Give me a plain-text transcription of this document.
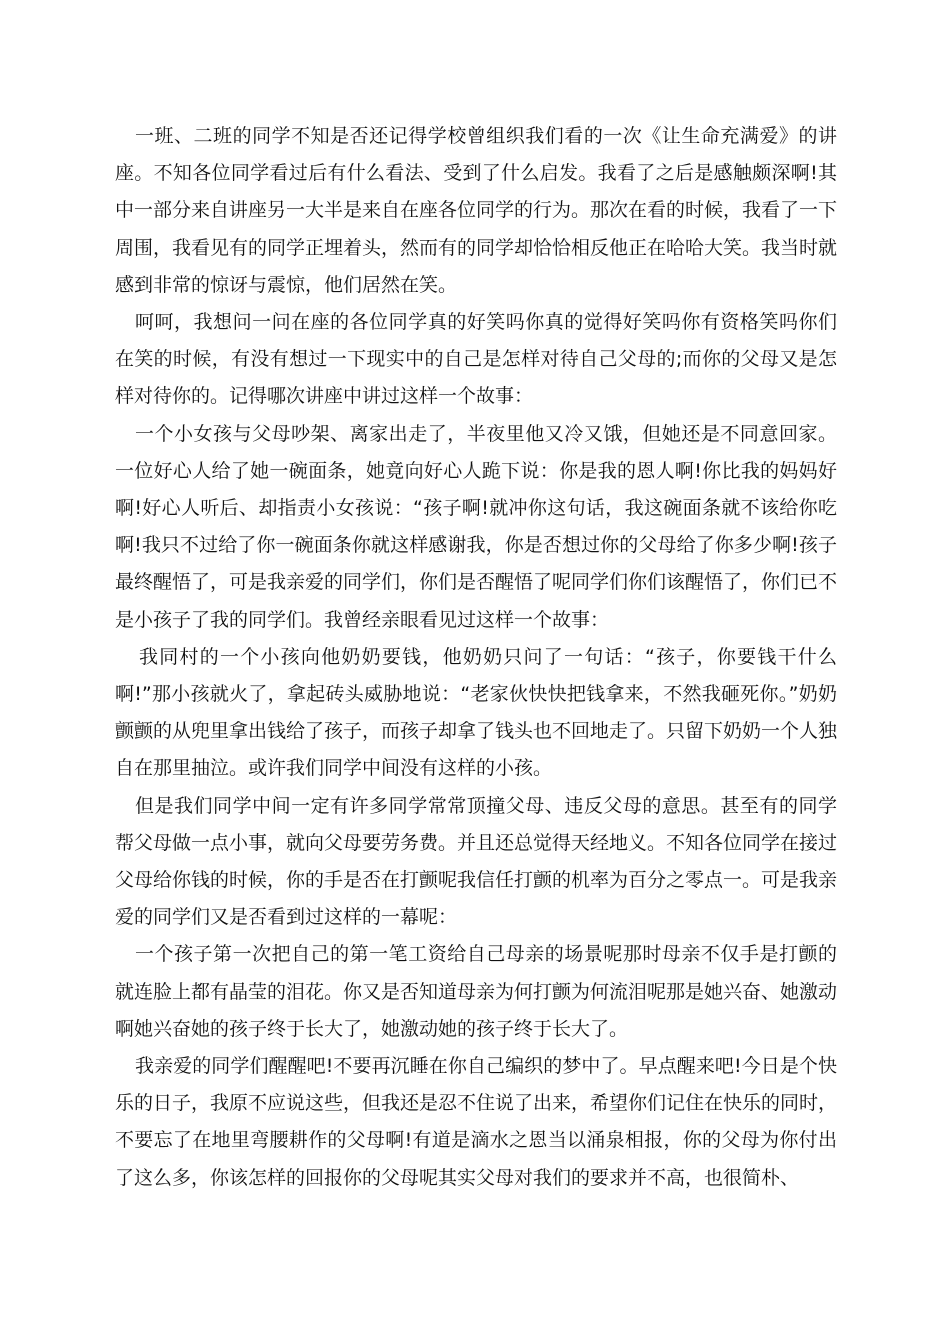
一班、二班的同学不知是否还记得学校曾组织我们看的一次《让生命充满爱》的讲座。不知各位同学看过后有什么看法、受到了什么启发。我看了之后是感触颇深啊!其中一部分来自讲座另一大半是来自在座各位同学的行为。那次在看的时候，我看了一下周围，我看见有的同学正埋着头，然而有的同学却恰恰相反他正在哈哈大笑。我当时就感到非常的惊讶与震惊，他们居然在笑。

呵呵，我想问一问在座的各位同学真的好笑吗你真的觉得好笑吗你有资格笑吗你们在笑的时候，有没有想过一下现实中的自己是怎样对待自己父母的;而你的父母又是怎样对待你的。记得哪次讲座中讲过这样一个故事：

一个小女孩与父母吵架、离家出走了，半夜里他又冷又饿，但她还是不同意回家。一位好心人给了她一碗面条，她竟向好心人跪下说：你是我的恩人啊!你比我的妈妈好啊!好心人听后、却指责小女孩说：“孩子啊!就冲你这句话，我这碗面条就不该给你吃啊!我只不过给了你一碗面条你就这样感谢我，你是否想过你的父母给了你多少啊!孩子最终醒悟了，可是我亲爱的同学们，你们是否醒悟了呢同学们你们该醒悟了，你们已不是小孩子了我的同学们。我曾经亲眼看见过这样一个故事：

我同村的一个小孩向他奶奶要钱，他奶奶只问了一句话：“孩子，你要钱干什么啊!”那小孩就火了，拿起砖头威胁地说：“老家伙快快把钱拿来，不然我砸死你。”奶奶颤颤的从兜里拿出钱给了孩子，而孩子却拿了钱头也不回地走了。只留下奶奶一个人独自在那里抽泣。或许我们同学中间没有这样的小孩。

但是我们同学中间一定有许多同学常常顶撞父母、违反父母的意思。甚至有的同学帮父母做一点小事，就向父母要劳务费。并且还总觉得天经地义。不知各位同学在接过父母给你钱的时候，你的手是否在打颤呢我信任打颤的机率为百分之零点一。可是我亲爱的同学们又是否看到过这样的一幕呢：

一个孩子第一次把自己的第一笔工资给自己母亲的场景呢那时母亲不仅手是打颤的就连脸上都有晶莹的泪花。你又是否知道母亲为何打颤为何流泪呢那是她兴奋、她激动啊她兴奋她的孩子终于长大了，她激动她的孩子终于长大了。

我亲爱的同学们醒醒吧!不要再沉睡在你自己编织的梦中了。早点醒来吧!今日是个快乐的日子，我原不应说这些，但我还是忍不住说了出来，希望你们记住在快乐的同时，不要忘了在地里弯腰耕作的父母啊!有道是滴水之恩当以涌泉相报，你的父母为你付出了这么多，你该怎样的回报你的父母呢其实父母对我们的要求并不高，也很简朴、
